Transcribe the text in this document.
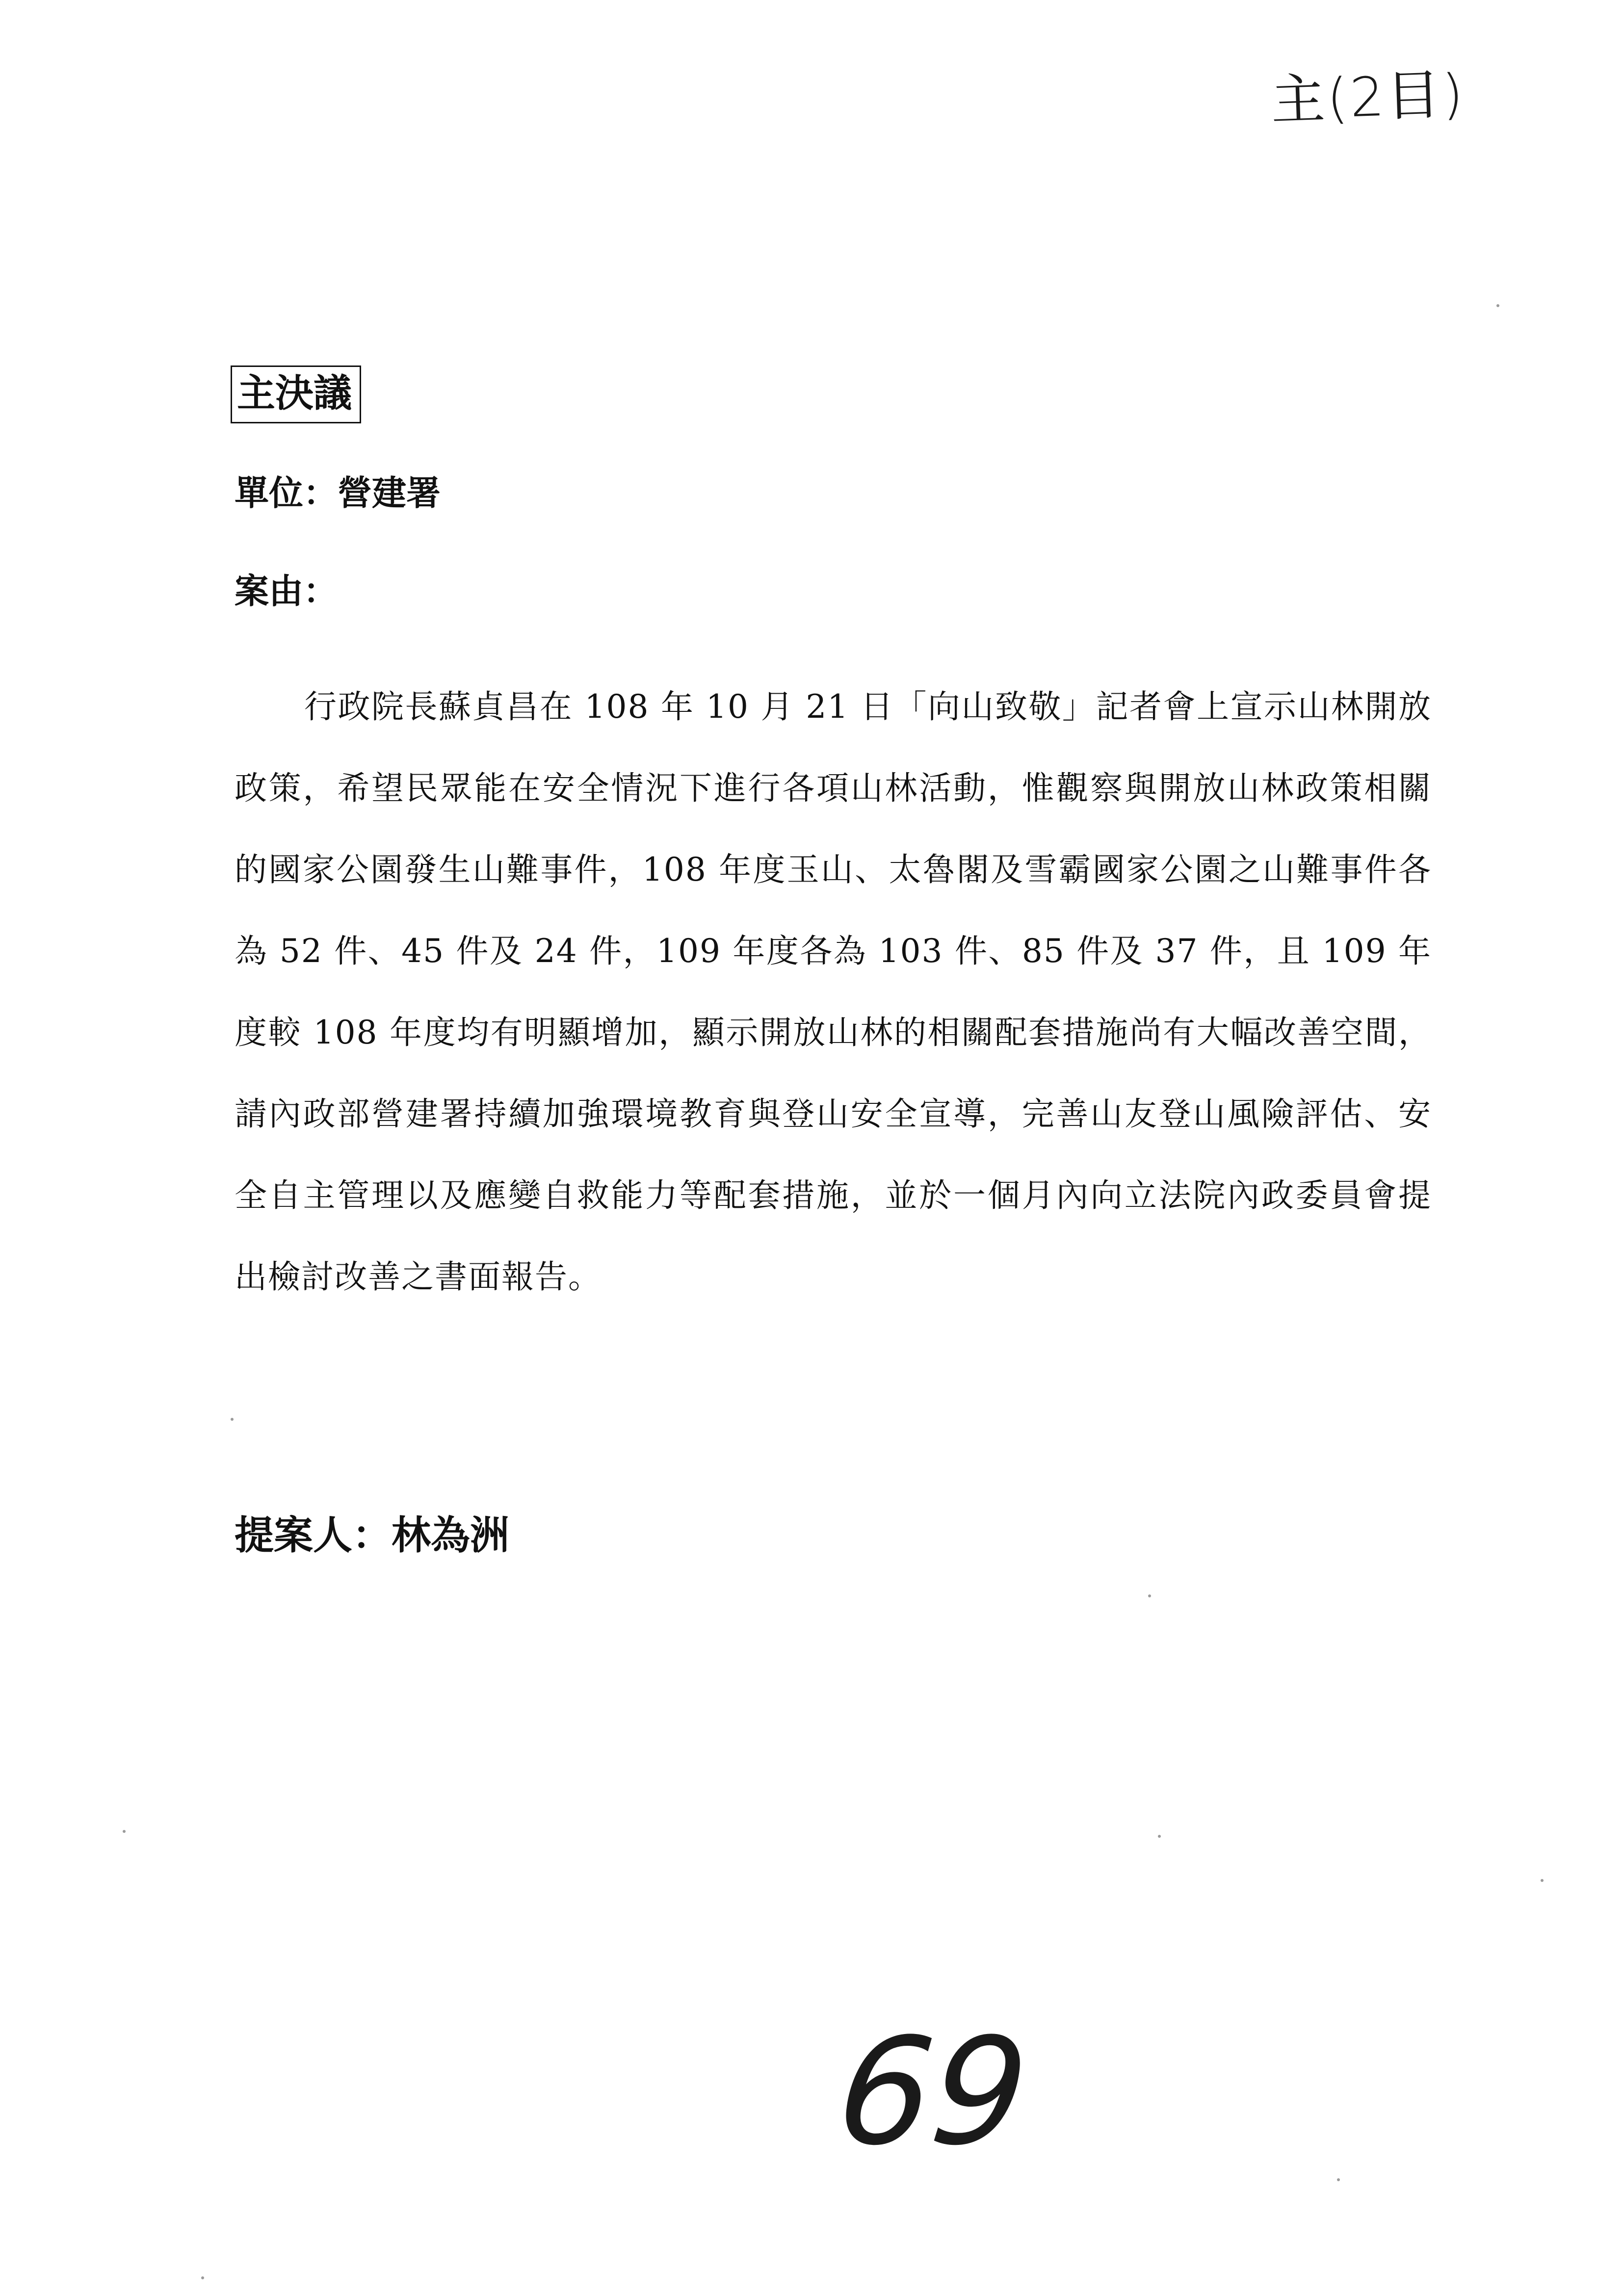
主(2目)
主決議
單位：營建署
案由：

行政院長蘇貞昌在 108 年 10 月 21 日「向山致敬」記者會上宣示山林開放政策，希望民眾能在安全情況下進行各項山林活動，惟觀察與開放山林政策相關的國家公園發生山難事件，108 年度玉山、太魯閣及雪霸國家公園之山難事件各為 52 件、45 件及 24 件，109 年度各為 103 件、85 件及 37 件，且 109 年度較 108 年度均有明顯增加，顯示開放山林的相關配套措施尚有大幅改善空間，請內政部營建署持續加強環境教育與登山安全宣導，完善山友登山風險評估、安全自主管理以及應變自救能力等配套措施，並於一個月內向立法院內政委員會提出檢討改善之書面報告。

提案人：林為洲
69
